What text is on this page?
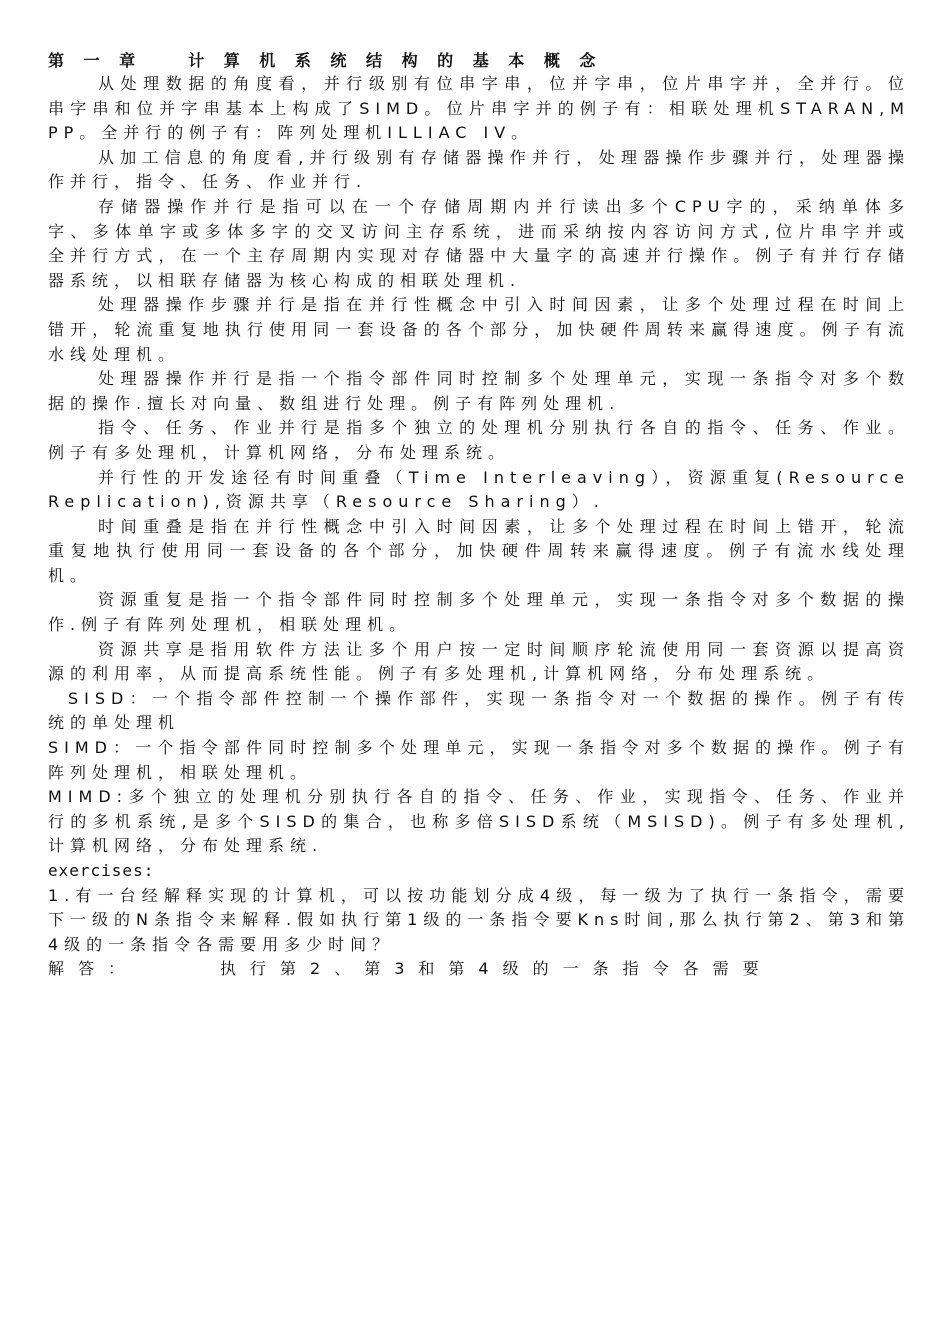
第 一 章　　计 算 机 系 统 结 构 的 基 本 概 念

从处理数据的角度看，并行级别有位串字串，位并字串，位片串字并，全并行。位串字串和位并字串基本上构成了SIMD。位片串字并的例子有：相联处理机STARAN,MPP。全并行的例子有：阵列处理机ILLIAC IV。

从加工信息的角度看,并行级别有存储器操作并行，处理器操作步骤并行，处理器操作并行，指令、任务、作业并行.

存储器操作并行是指可以在一个存储周期内并行读出多个CPU字的，采纳单体多字、多体单字或多体多字的交叉访问主存系统，进而采纳按内容访问方式,位片串字并或全并行方式，在一个主存周期内实现对存储器中大量字的高速并行操作。例子有并行存储器系统，以相联存储器为核心构成的相联处理机.

处理器操作步骤并行是指在并行性概念中引入时间因素，让多个处理过程在时间上错开，轮流重复地执行使用同一套设备的各个部分，加快硬件周转来赢得速度。例子有流水线处理机。

处理器操作并行是指一个指令部件同时控制多个处理单元，实现一条指令对多个数据的操作.擅长对向量、数组进行处理。例子有阵列处理机.

指令、任务、作业并行是指多个独立的处理机分别执行各自的指令、任务、作业。例子有多处理机，计算机网络，分布处理系统。

并行性的开发途径有时间重叠（Time Interleaving），资源重复(Resource Replication),资源共享（Resource Sharing）.

时间重叠是指在并行性概念中引入时间因素，让多个处理过程在时间上错开，轮流重复地执行使用同一套设备的各个部分，加快硬件周转来赢得速度。例子有流水线处理机。

资源重复是指一个指令部件同时控制多个处理单元，实现一条指令对多个数据的操作.例子有阵列处理机，相联处理机。

资源共享是指用软件方法让多个用户按一定时间顺序轮流使用同一套资源以提高资源的利用率，从而提高系统性能。例子有多处理机,计算机网络，分布处理系统。

SISD：一个指令部件控制一个操作部件，实现一条指令对一个数据的操作。例子有传统的单处理机

SIMD：一个指令部件同时控制多个处理单元，实现一条指令对多个数据的操作。例子有阵列处理机，相联处理机。

MIMD:多个独立的处理机分别执行各自的指令、任务、作业，实现指令、任务、作业并行的多机系统,是多个SISD的集合，也称多倍SISD系统（MSISD)。例子有多处理机,计算机网络，分布处理系统.

exercises:

1.有一台经解释实现的计算机，可以按功能划分成4级，每一级为了执行一条指令，需要下一级的N条指令来解释.假如执行第1级的一条指令要Kns时间,那么执行第2、第3和第4级的一条指令各需要用多少时间？

解答：　　　	执行第2、第3和第4级的一条指令各需要
